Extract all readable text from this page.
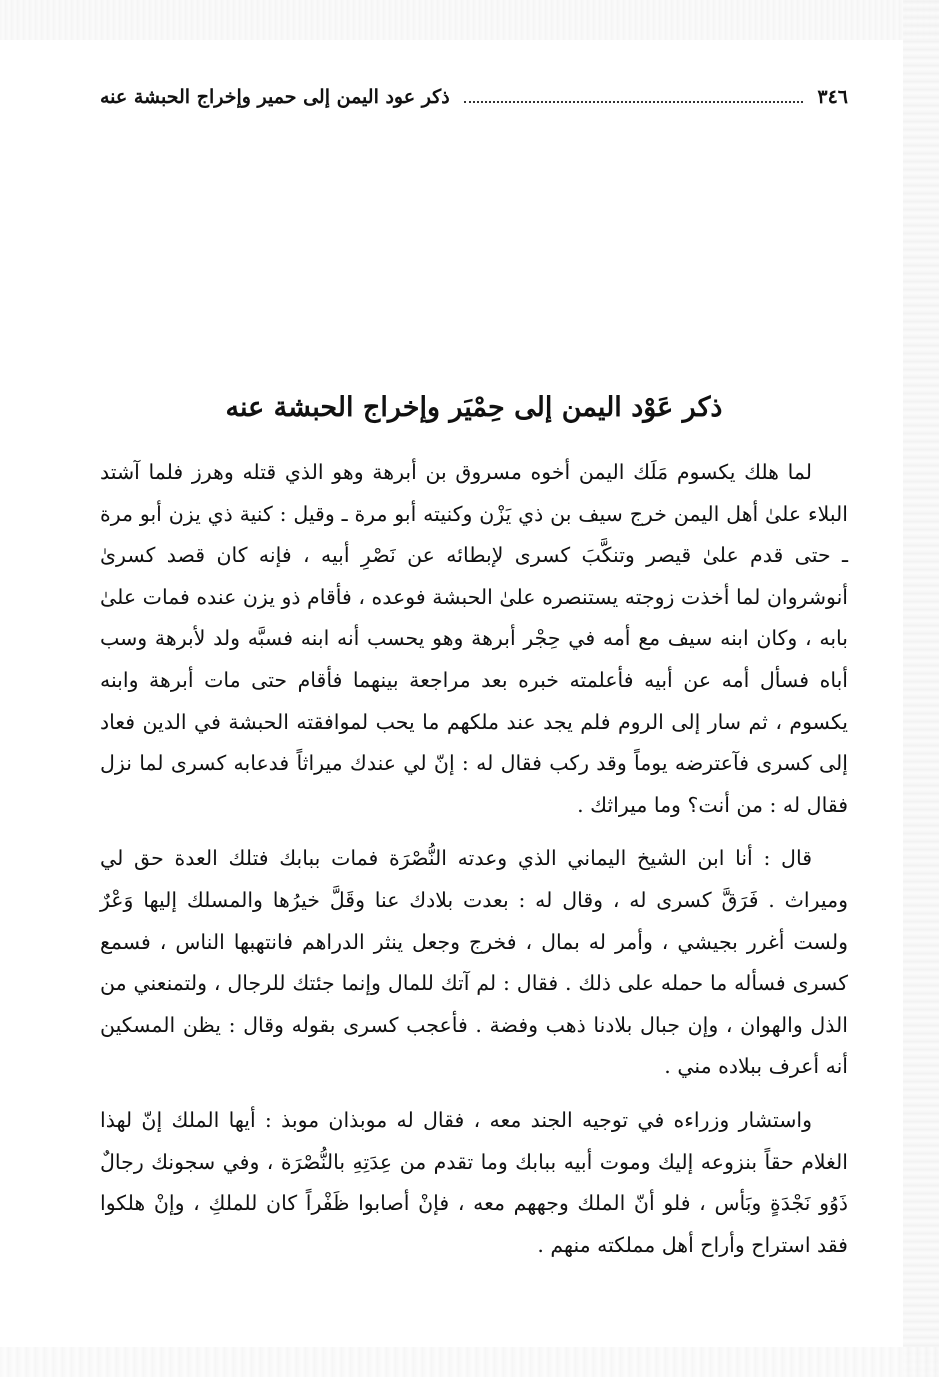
٣٤٦
ذكر عود اليمن إلى حمير وإخراج الحبشة عنه
ذكر عَوْد اليمن إلى حِمْيَر وإخراج الحبشة عنه

لما هلك يكسوم مَلَك اليمن أخوه مسروق بن أبرهة وهو الذي قتله وهرز فلما آشتد البلاء علىٰ أهل اليمن خرج سيف بن ذي يَزْن وكنيته أبو مرة ـ وقيل : كنية ذي يزن أبو مرة ـ حتى قدم علىٰ قيصر وتنكَّبَ كسرى لإبطائه عن نَصْرِ أبيه ، فإنه كان قصد كسرىٰ أنوشروان لما أخذت زوجته يستنصره علىٰ الحبشة فوعده ، فأقام ذو يزن عنده فمات علىٰ بابه ، وكان ابنه سيف مع أمه في حِجْر أبرهة وهو يحسب أنه ابنه فسبَّه ولد لأبرهة وسب أباه فسأل أمه عن أبيه فأعلمته خبره بعد مراجعة بينهما فأقام حتى مات أبرهة وابنه يكسوم ، ثم سار إلى الروم فلم يجد عند ملكهم ما يحب لموافقته الحبشة في الدين فعاد إلى كسرى فآعترضه يوماً وقد ركب فقال له : إنّ لي عندك ميراثاً فدعابه كسرى لما نزل فقال له : من أنت؟ وما ميراثك .

قال : أنا ابن الشيخ اليماني الذي وعدته النُّصْرَة فمات ببابك فتلك العدة حق لي وميراث . فَرَقَّ كسرى له ، وقال له : بعدت بلادك عنا وقَلَّ خيرُها والمسلك إليها وَعْرٌ ولست أغرر بجيشي ، وأمر له بمال ، فخرج وجعل ينثر الدراهم فانتهبها الناس ، فسمع كسرى فسأله ما حمله على ذلك . فقال : لم آتك للمال وإنما جئتك للرجال ، ولتمنعني من الذل والهوان ، وإن جبال بلادنا ذهب وفضة . فأعجب كسرى بقوله وقال : يظن المسكين أنه أعرف ببلاده مني .

واستشار وزراءه في توجيه الجند معه ، فقال له موبذان موبذ : أيها الملك إنّ لهذا الغلام حقاً بنزوعه إليك وموت أبيه ببابك وما تقدم من عِدَتِهِ بالنُّصْرَة ، وفي سجونك رجالٌ ذَوُو نَجْدَةٍ وبَأس ، فلو أنّ الملك وجههم معه ، فإنْ أصابوا ظَفْراً كان للملكِ ، وإنْ هلكوا فقد استراح وأراح أهل مملكته منهم .
